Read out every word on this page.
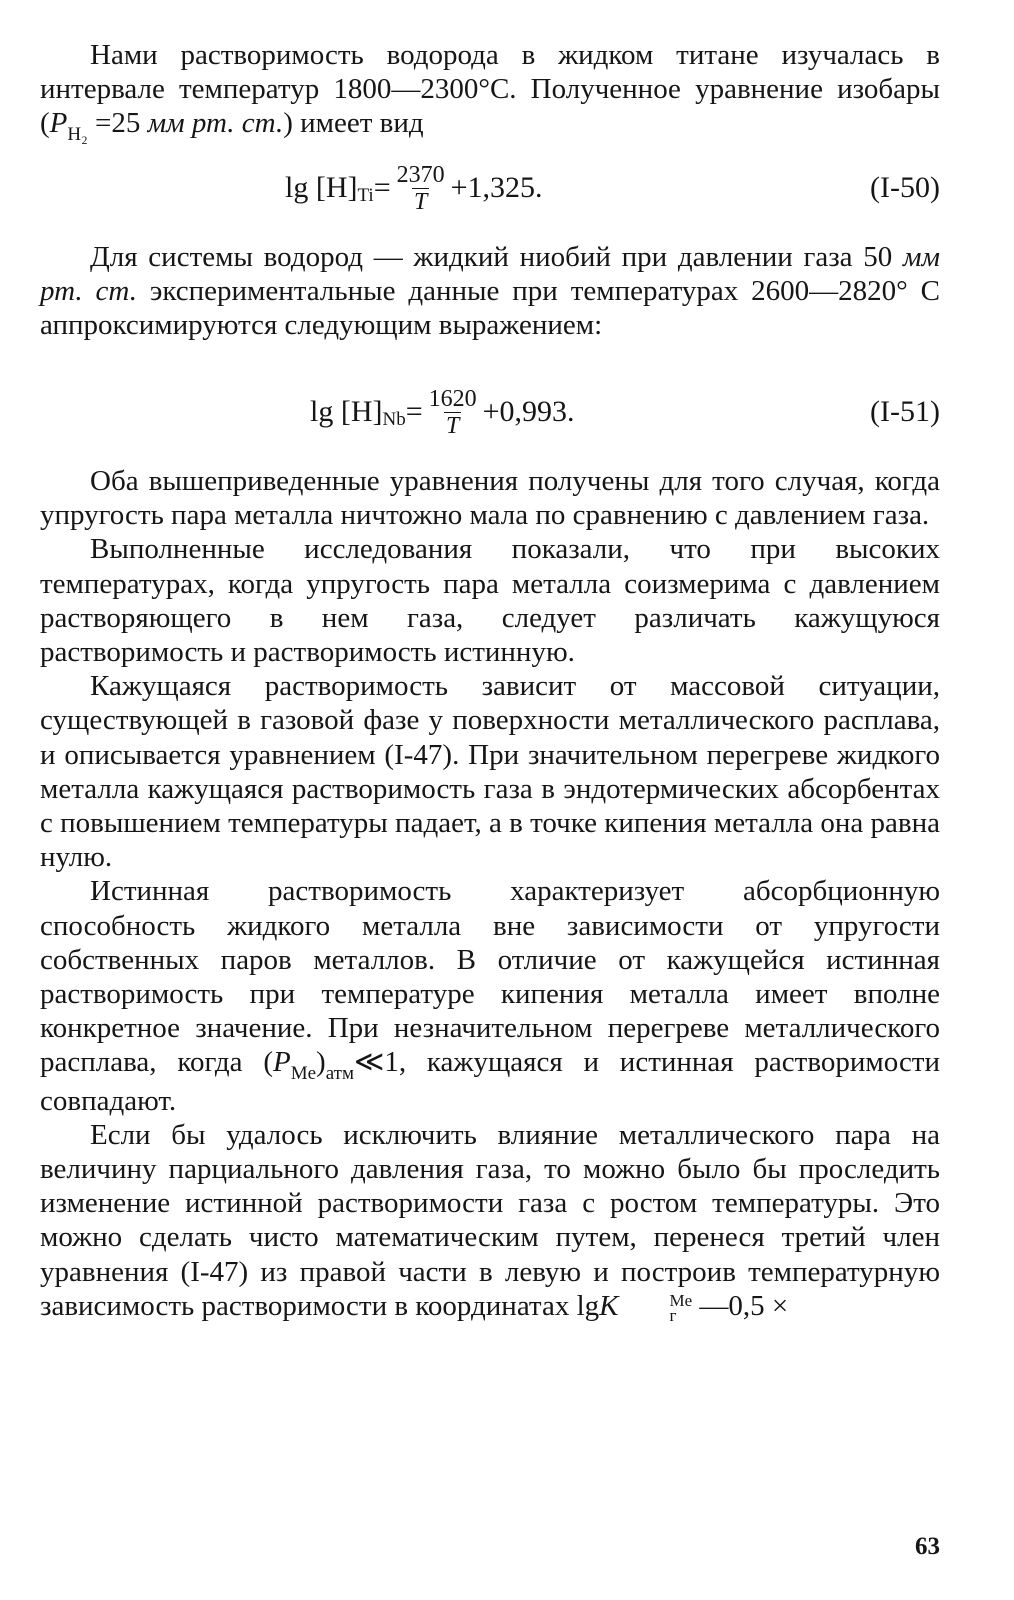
Нами растворимость водорода в жидком титане изучалась в интервале температур 1800—2300°С. Полученное уравнение изобары ($P_{H_2} =25$ мм рт. ст.) имеет вид

lg [H] $Ti = \frac{2370}{T} +1,325$.	(I-50)

Для системы водород — жидкий ниобий при давлении газа 50 мм рт. ст. экспериментальные данные при температурах 2600—2820° С аппроксимируются следующим выражением:

lg [H] $Nb = \frac{1620}{T} +0,993$.	(I-51)

Оба вышеприведенные уравнения получены для того случая, когда упругость пара металла ничтожно мала по сравнению с давлением газа.

Выполненные исследования показали, что при высоких температурах, когда упругость пара металла соизмерима с давлением растворяющего в нем газа, следует различать кажущуюся растворимость и растворимость истинную.

Кажущаяся растворимость зависит от массовой ситуации, существующей в газовой фазе у поверхности металлического расплава, и описывается уравнением (I-47). При значительном перегреве жидкого металла кажущаяся растворимость газа в эндотермических абсорбентах с повышением температуры падает, а в точке кипения металла она равна нулю.

Истинная растворимость характеризует абсорбционную способность жидкого металла вне зависимости от упругости собственных паров металлов. В отличие от кажущейся истинная растворимость при температуре кипения металла имеет вполне конкретное значение. При незначительном перегреве металлического расплава, когда $(P_{Me})_{атм}≪1$, кажущаяся и истинная растворимости совпадают.

Если бы удалось исключить влияние металлического пара на величину парциального давления газа, то можно было бы проследить изменение истинной растворимости газа с ростом температуры. Это можно сделать чисто математическим путем, перенеся третий член уравнения (I-47) из правой части в левую и построив температурную зависимость растворимости в координатах lgK	Me
г —0,5 ×

63
